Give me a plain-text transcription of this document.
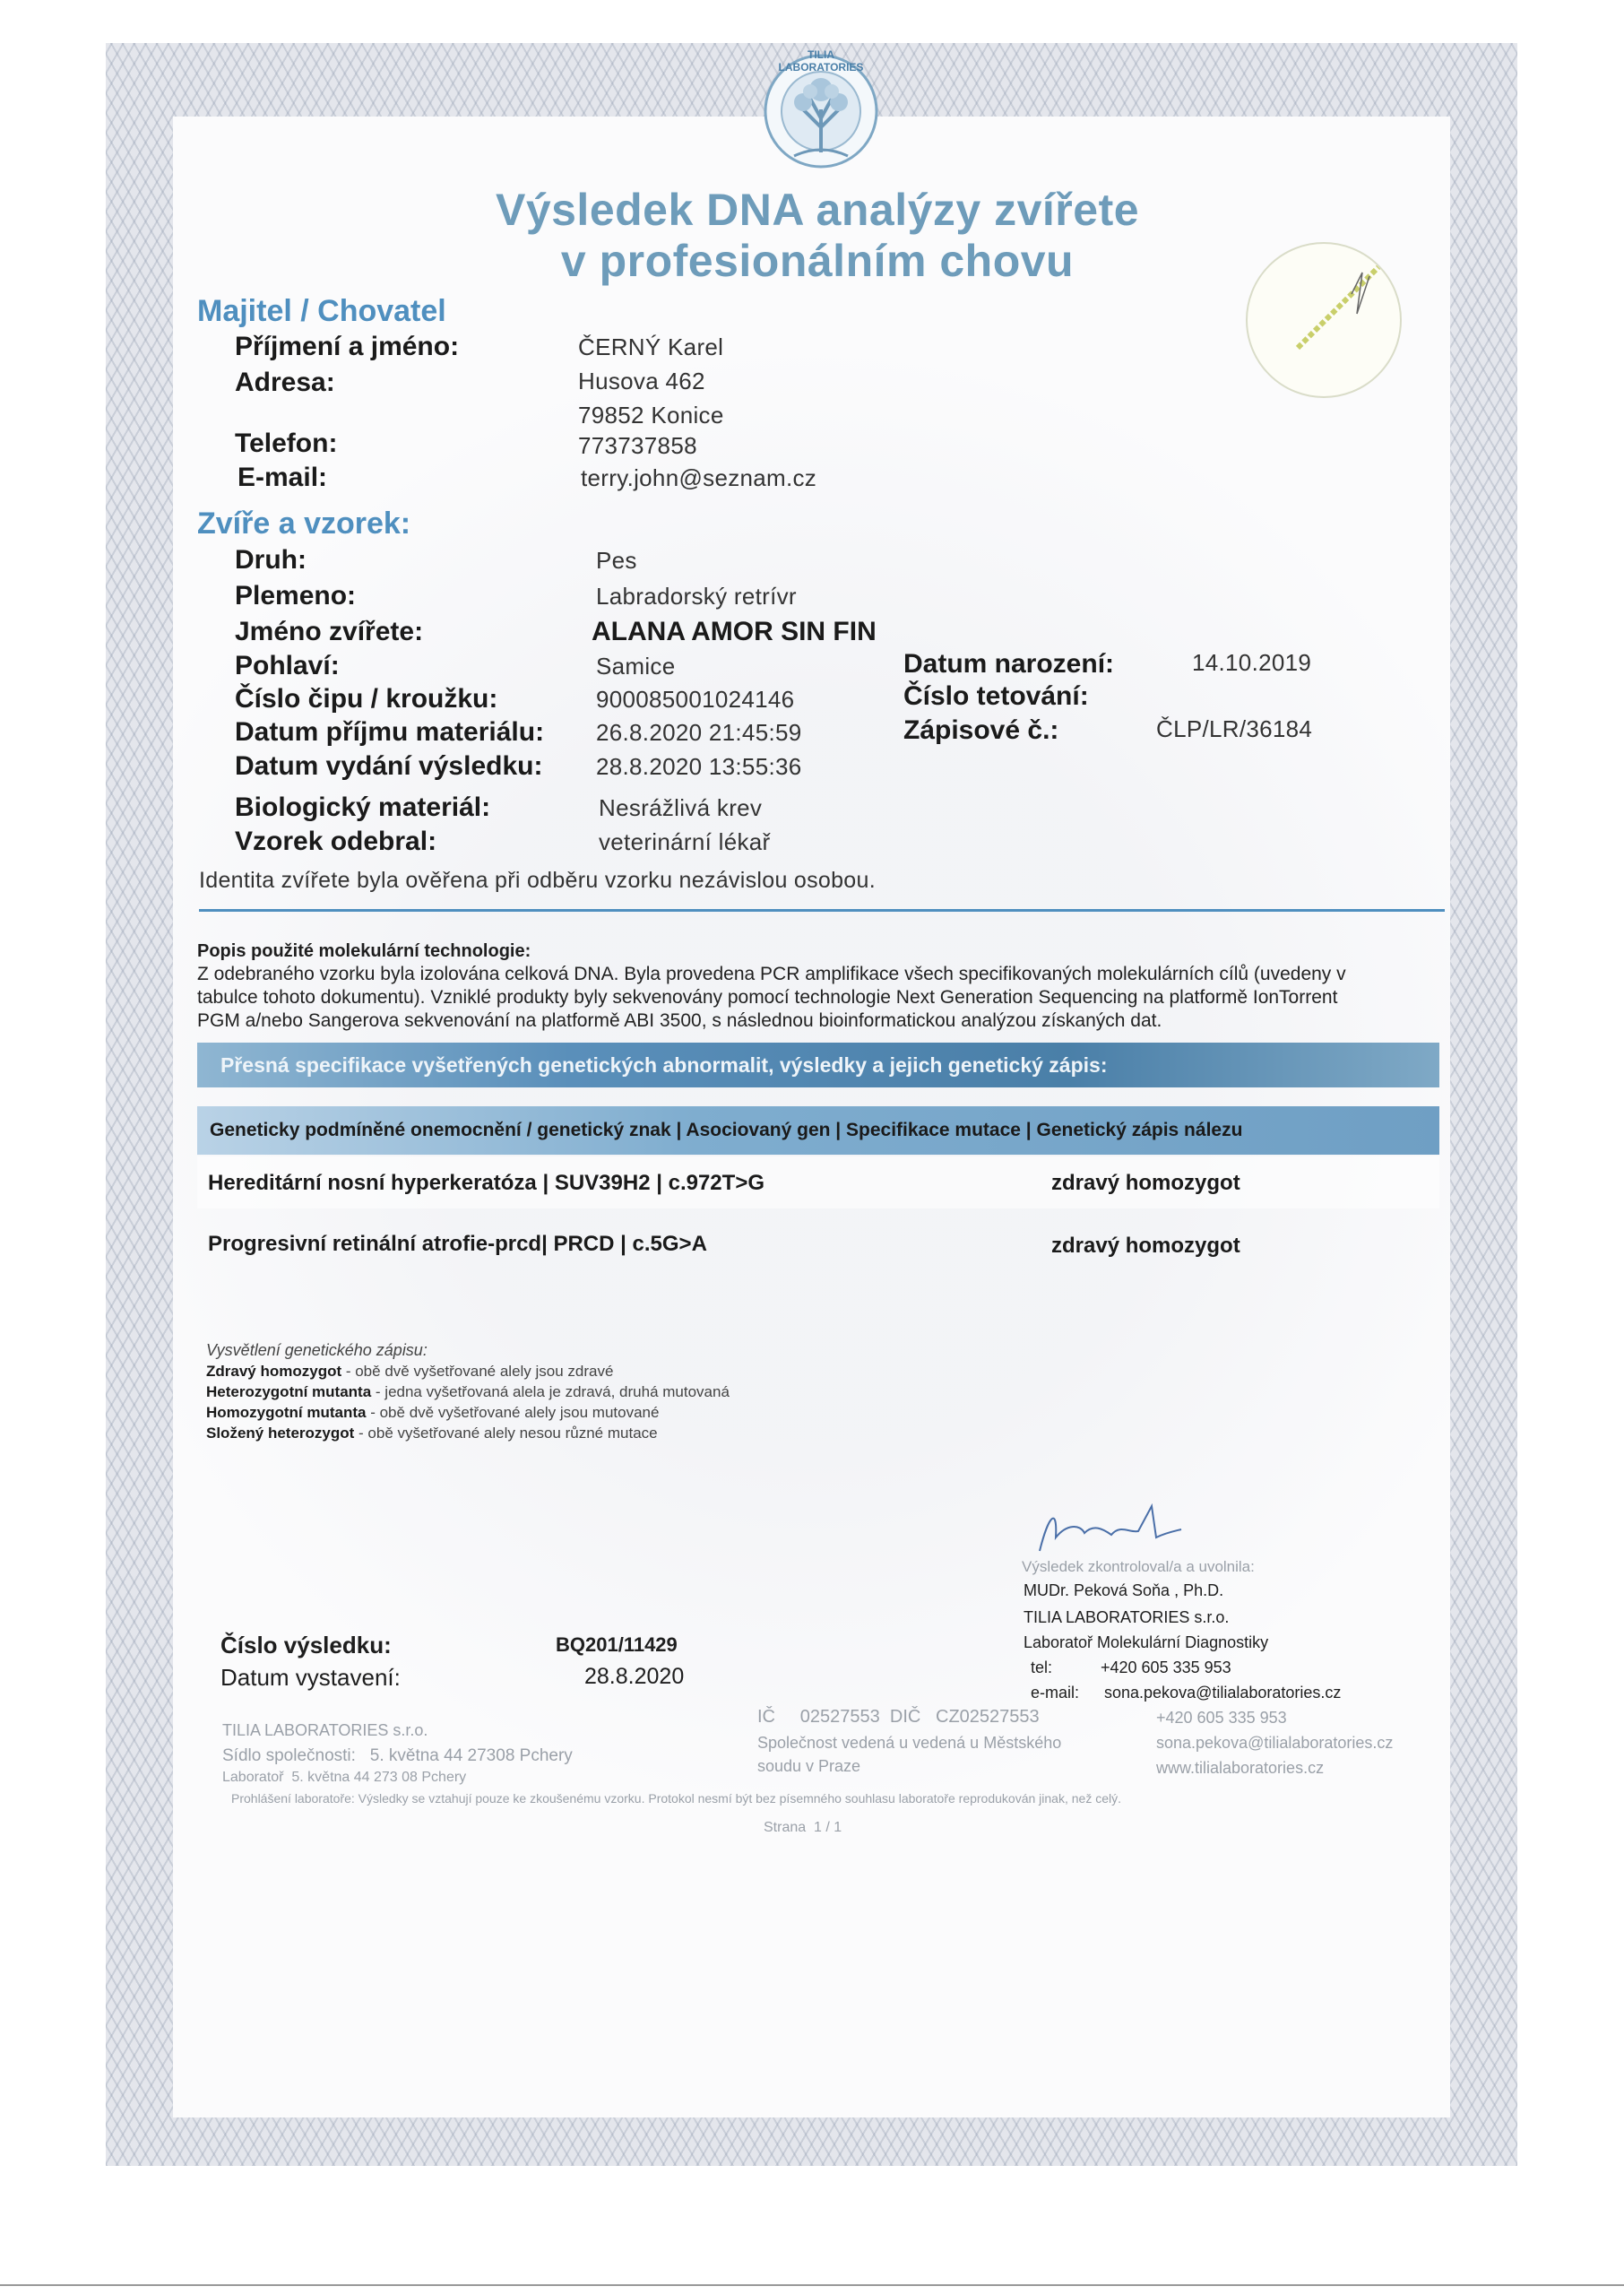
TILIA LABORATORIES
Výsledek DNA analýzy zvířete
v profesionálním chovu
Majitel / Chovatel
Příjmení a jméno:	ČERNÝ Karel
Adresa:	Husova 462
79852 Konice
Telefon:	773737858
E-mail:	terry.john@seznam.cz
Zvíře a vzorek:
Druh:	Pes
Plemeno:	Labradorský retrívr
Jméno zvířete:	ALANA AMOR SIN FIN
Pohlaví:	Samice	Datum narození:	14.10.2019
Číslo čipu / kroužku:	900085001024146	Číslo tetování:
Datum příjmu materiálu: 26.8.2020 21:45:59	Zápisové č.:	ČLP/LR/36184
Datum vydání výsledku: 28.8.2020 13:55:36
Biologický materiál:	Nesrážlivá krev
Vzorek odebral:	veterinární lékař
Identita zvířete byla ověřena při odběru vzorku nezávislou osobou.
Popis použité molekulární technologie:
Z odebraného vzorku byla izolována celková DNA. Byla provedena PCR amplifikace všech specifikovaných molekulárních cílů (uvedeny v
tabulce tohoto dokumentu). Vzniklé produkty byly sekvenovány pomocí technologie Next Generation Sequencing na platformě IonTorrent
PGM a/nebo Sangerova sekvenování na platformě ABI 3500, s následnou bioinformatickou analýzou získaných dat.
Přesná specifikace vyšetřených genetických abnormalit, výsledky a jejich genetický zápis:
Geneticky podmíněné onemocnění / genetický znak | Asociovaný gen | Specifikace mutace | Genetický zápis nálezu
Hereditární nosní hyperkeratóza | SUV39H2 | c.972T>G	zdravý homozygot
Progresivní retinální atrofie-prcd| PRCD | c.5G>A	zdravý homozygot
Vysvětlení genetického zápisu:
Zdravý homozygot - obě dvě vyšetřované alely jsou zdravé
Heterozygotní mutanta - jedna vyšetřovaná alela je zdravá, druhá mutovaná
Homozygotní mutanta - obě dvě vyšetřované alely jsou mutované
Složený heterozygot - obě vyšetřované alely nesou různé mutace
Výsledek zkontroloval/a a uvolnila:
MUDr. Peková Soňa , Ph.D.
TILIA LABORATORIES s.r.o.
Laboratoř Molekulární Diagnostiky
tel:	+420 605 335 953
e-mail: sona.pekova@tilialaboratories.cz
Číslo výsledku:	BQ201/11429
Datum vystavení:	28.8.2020
TILIA LABORATORIES s.r.o.
Sídlo společnosti:   5. května 44 27308 Pchery
Laboratoř  5. května 44 273 08 Pchery
IČ     02527553  DIČ   CZ02527553
Společnost vedená u vedená u Městského
soudu v Praze
+420 605 335 953
sona.pekova@tilialaboratories.cz
www.tilialaboratories.cz
Prohlášení laboratoře: Výsledky se vztahují pouze ke zkoušenému vzorku. Protokol nesmí být bez písemného souhlasu laboratoře reprodukován jinak, než celý.
Strana  1 / 1
